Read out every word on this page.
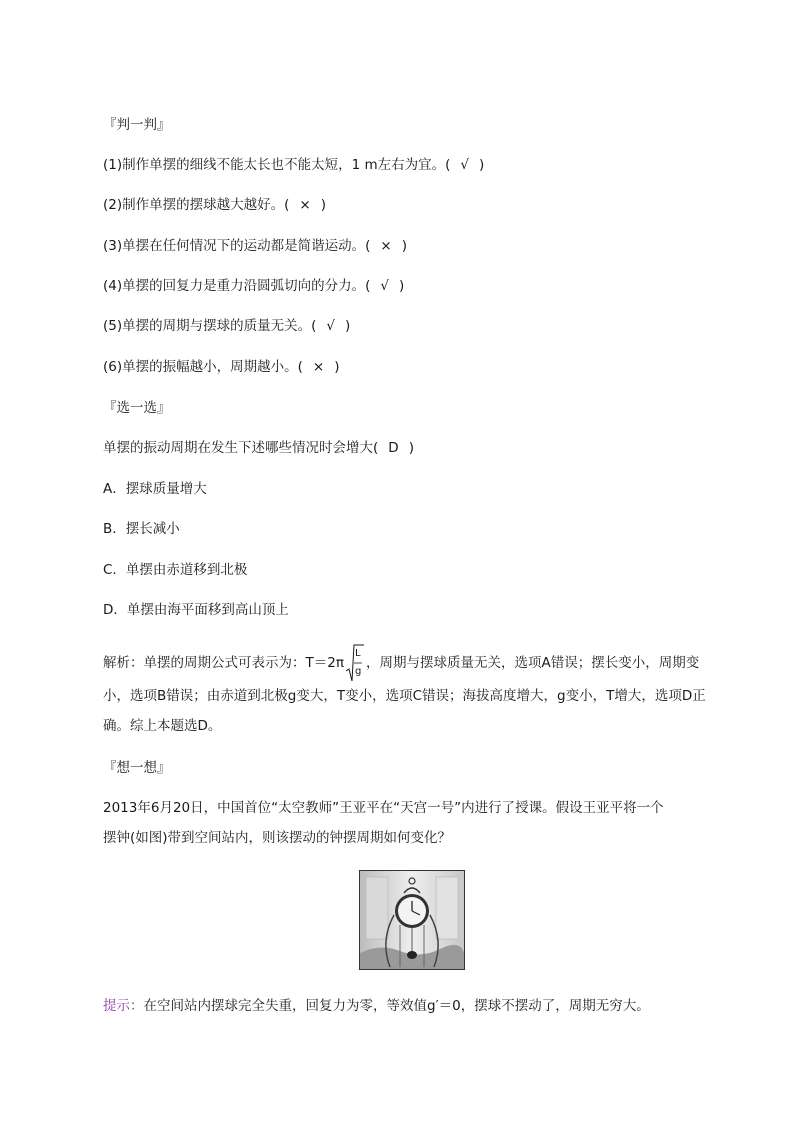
『判一判』
(1)制作单摆的细线不能太长也不能太短，1 m左右为宜。( √ )
(2)制作单摆的摆球越大越好。( × )
(3)单摆在任何情况下的运动都是简谐运动。( × )
(4)单摆的回复力是重力沿圆弧切向的分力。( √ )
(5)单摆的周期与摆球的质量无关。( √ )
(6)单摆的振幅越小，周期越小。( × )
『选一选』
单摆的振动周期在发生下述哪些情况时会增大( D )
A．摆球质量增大
B．摆长减小
C．单摆由赤道移到北极
D．单摆由海平面移到高山顶上
解析：单摆的周期公式可表示为：T＝2π
L
g
，周期与摆球质量无关，选项A错误；摆长变小，周期变
小，选项B错误；由赤道到北极g变大，T变小，选项C错误；海拔高度增大，g变小，T增大，选项D正
确。综上本题选D。
『想一想』
2013年6月20日，中国首位“太空教师”王亚平在“天宫一号”内进行了授课。假设王亚平将一个
摆钟(如图)带到空间站内，则该摆动的钟摆周期如何变化？
提示：在空间站内摆球完全失重，回复力为零，等效值g′＝0，摆球不摆动了，周期无穷大。
